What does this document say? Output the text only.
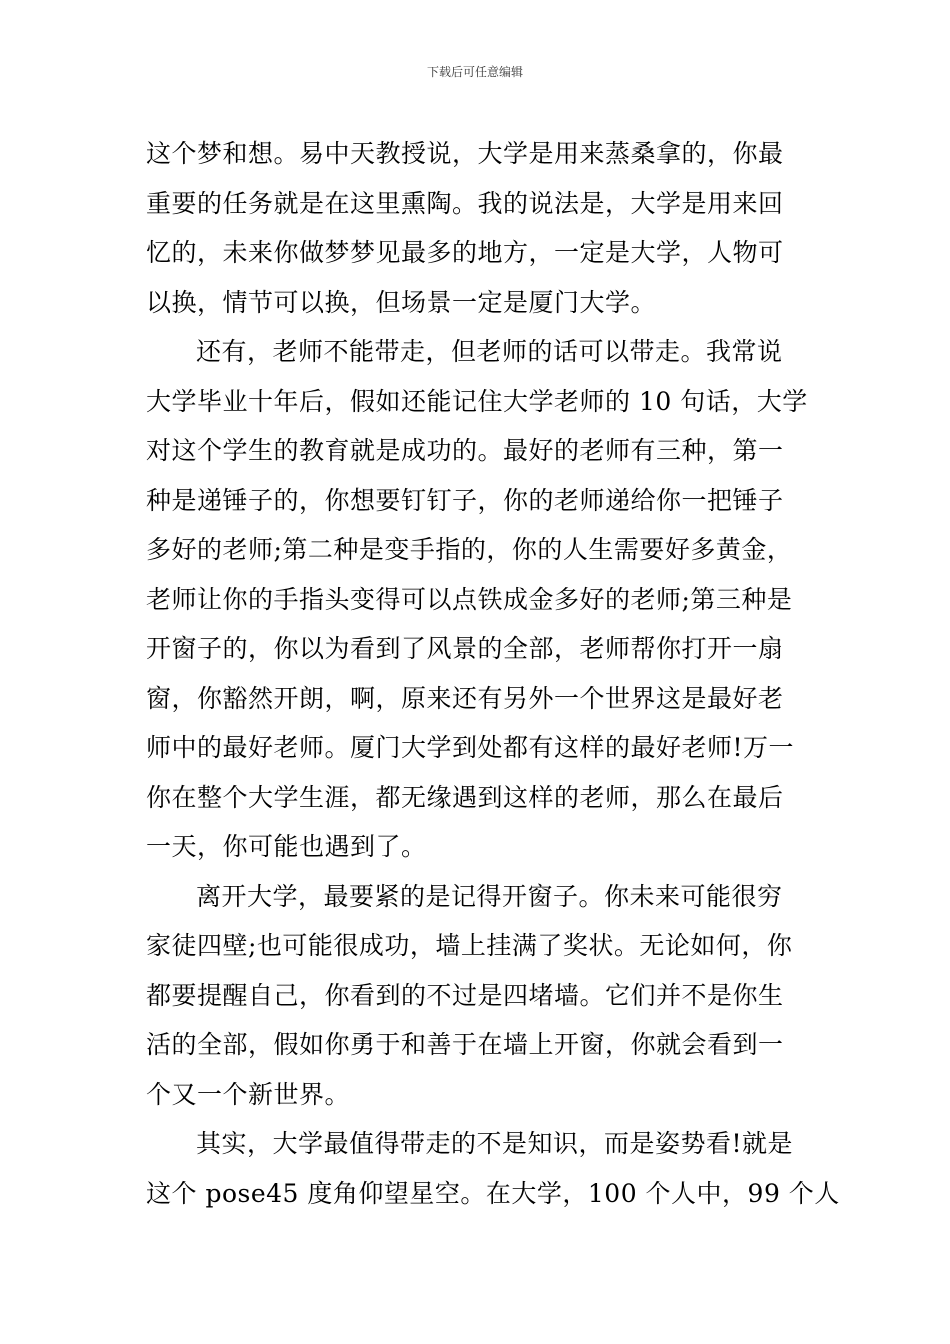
下载后可任意编辑
这个梦和想。易中天教授说，大学是用来蒸桑拿的，你最
重要的任务就是在这里熏陶。我的说法是，大学是用来回
忆的，未来你做梦梦见最多的地方，一定是大学，人物可
以换，情节可以换，但场景一定是厦门大学。
还有，老师不能带走，但老师的话可以带走。我常说
大学毕业十年后，假如还能记住大学老师的 10 句话，大学
对这个学生的教育就是成功的。最好的老师有三种，第一
种是递锤子的，你想要钉钉子，你的老师递给你一把锤子
多好的老师;第二种是变手指的，你的人生需要好多黄金，
老师让你的手指头变得可以点铁成金多好的老师;第三种是
开窗子的，你以为看到了风景的全部，老师帮你打开一扇
窗，你豁然开朗，啊，原来还有另外一个世界这是最好老
师中的最好老师。厦门大学到处都有这样的最好老师!万一
你在整个大学生涯，都无缘遇到这样的老师，那么在最后
一天，你可能也遇到了。
离开大学，最要紧的是记得开窗子。你未来可能很穷
家徒四壁;也可能很成功，墙上挂满了奖状。无论如何，你
都要提醒自己，你看到的不过是四堵墙。它们并不是你生
活的全部，假如你勇于和善于在墙上开窗，你就会看到一
个又一个新世界。
其实，大学最值得带走的不是知识，而是姿势看!就是
这个 pose45 度角仰望星空。在大学，100 个人中，99 个人
